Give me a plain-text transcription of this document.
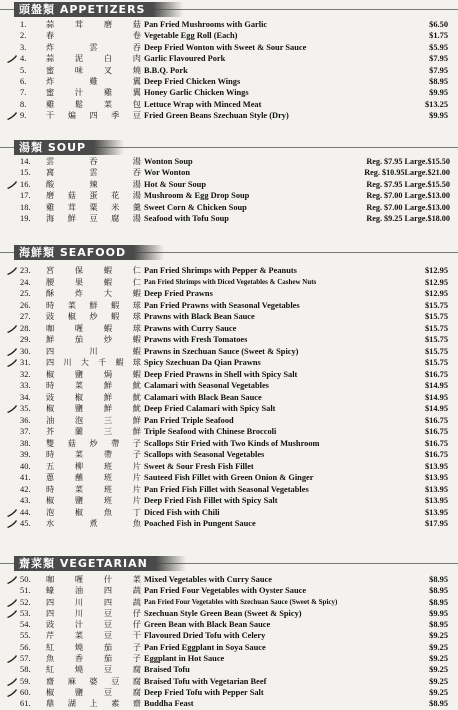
頭盤類 APPETIZERS
1.	蒜	茸	磨	菇 Pan Fried Mushrooms with Garlic	$6.50
2.	春	卷 Vegetable Egg Roll (Each)	$1.75
3.	炸	雲	吞 Deep Fried Wonton with Sweet & Sour Sauce	$5.95
4.	蒜	泥	白	肉 Garlic Flavoured Pork	$7.95
5.	蜜	味	叉	燒 B.B.Q. Pork	$7.95
6.	炸	雞	翼 Deep Fried Chicken Wings	$8.95
7.	蜜	汁	雞	翼 Honey Garlic Chicken Wings	$9.95
8.	雞	鬆	菜	包 Lettuce Wrap with Minced Meat	$13.25
9.	干 煸 四 季 豆 Fried Green Beans Szechuan Style (Dry)	$9.95
湯類 SOUP
14.	雲	吞	湯 Wonton Soup	Reg. $7.95 Large.$15.50
15.	窩	雲	吞 Wor Wonton	Reg. $10.95Large.$21.00
16.	酸	辣	湯 Hot & Sour Soup	Reg. $7.95 Large.$15.50
17.	磨 菇 蛋 花 湯 Mushroom & Egg Drop Soup	Reg. $7.00 Large.$13.00
18.	雞 茸 粟 米 羹 Sweet Corn & Chicken Soup	Reg. $7.00 Large.$13.00
19.	海 鮮 豆 腐 湯 Seafood with Tofu Soup	Reg. $9.25 Large.$18.00
海鮮類 SEAFOOD
23.	宮	保	蝦	仁 Pan Fried Shrimps with Pepper & Peanuts	$12.95
24.	腰	果	蝦	仁 Pan Fried Shrimps with Diced Vegetables & Cashew Nuts	$12.95
25.	酥	炸	大	蝦 Deep Fried Prawns	$12.95
26.	時 菜 鮮 蝦 球 Pan Fried Prawns with Seasonal Vegetables	$15.75
27.	豉 椒 炒 蝦 球 Prawns with Black Bean Sauce	$15.75
28.	咖	喱	蝦	球 Prawns with Curry Sauce	$15.75
29.	鮮	茄	炒	蝦 Prawns with Fresh Tomatoes	$15.75
30.	四	川	蝦 Prawns in Szechuan Sauce (Sweet & Spicy)	$15.75
31.	四 川 大 千 蝦 球 Spicy Szechuan Da Qian Prawns	$15.75
32.	椒	鹽	焗	蝦 Deep Fried Prawns in Shell with Spicy Salt	$16.75
33.	時	菜	鮮	魷 Calamari with Seasonal Vegetables	$14.95
34.	豉	椒	鮮	魷 Calamari with Black Bean Sauce	$14.95
35.	椒	鹽	鮮	魷 Deep Fried Calamari with Spicy Salt	$14.95
36.	油	泡	三	鮮 Pan Fried Triple Seafood	$16.75
37.	芥	蘭	三	鮮 Triple Seafood with Chinese Broccoli	$16.75
38.	雙 菇 炒 帶 子 Scallops Stir Fried with Two Kinds of Mushroom	$16.75
39.	時	菜	帶	子 Scallops with Seasonal Vegetables	$16.75
40.	五	柳	班	片 Sweet & Sour Fresh Fish Fillet	$13.95
41.	蔥	蘸	班	片 Sauteed Fish Fillet with Green Onion & Ginger	$13.95
42.	時	菜	班	片 Pan Fried Fish Fillet with Seasonal Vegetables	$13.95
43.	椒	鹽	班	片 Deep Fried Fish Fillet with Spicy Salt	$13.95
44.	泡	椒	魚	丁 Diced Fish with Chili	$13.95
45.	水	煮	魚 Poached Fish in Pungent Sauce	$17.95
齋菜類 VEGETARIAN
50.	咖	喱	什	菜 Mixed Vegetables with Curry Sauce	$8.95
51.	蠔	油	四	蔬 Pan Fried Four Vegetables with Oyster Sauce	$8.95
52.	四	川	四	蔬 Pan Fried Four Vegetables with Szechuan Sauce (Sweet & Spicy)	$8.95
53.	四	川	豆	仔 Szechuan Style Green Bean (Sweet & Spicy)	$9.95
54.	豉	汁	豆	仔 Green Bean with Black Bean Sauce	$8.95
55.	芹	菜	豆	干 Flavoured Dried Tofu with Celery	$9.25
56.	紅	燒	茄	子 Pan Fried Eggplant in Soya Sauce	$9.25
57.	魚	香	茄	子 Eggplant in Hot Sauce	$9.25
58.	紅	燒	豆	腐 Braised Tofu	$9.25
59.	齋 麻 婆 豆 腐 Braised Tofu with Vegetarian Beef	$9.25
60.	椒	鹽	豆	腐 Deep Fried Tofu with Pepper Salt	$9.25
61.	鼎 湖 上 素 齋 Buddha Feast	$8.95
